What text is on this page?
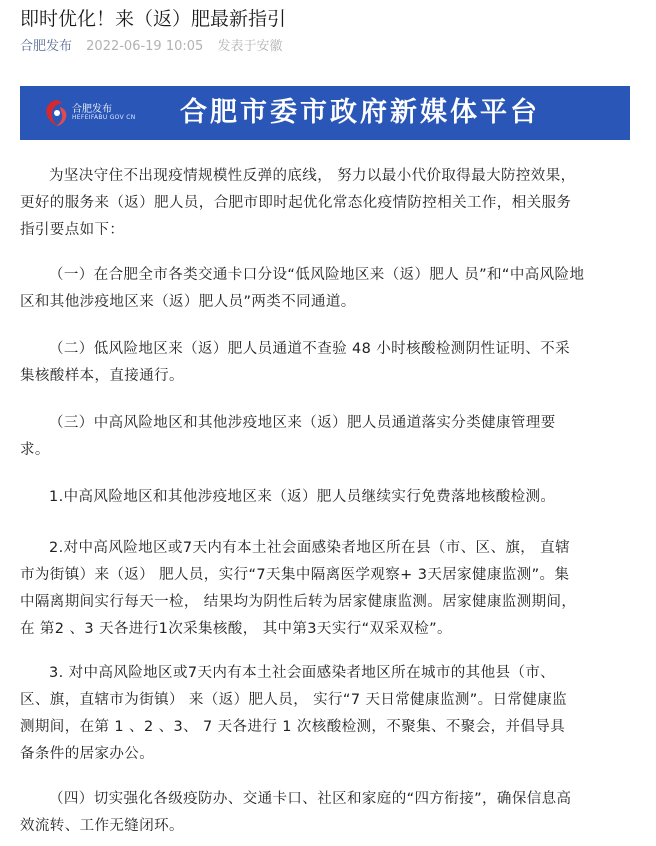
即时优化！来（返）肥最新指引
合肥发布 2022-06-19 10:05 发表于安徽
合肥发布
HEFEIFABU GOV CN 合肥市委市政府新媒体平台
为坚决守住不出现疫情规模性反弹的底线， 努力以最小代价取得最大防控效果，
更好的服务来（返）肥人员，合肥市即时起优化常态化疫情防控相关工作，相关服务
指引要点如下：
（一）在合肥全市各类交通卡口分设“低风险地区来（返）肥人 员”和“中高风险地
区和其他涉疫地区来（返）肥人员”两类不同通道。
（二）低风险地区来（返）肥人员通道不查验 48 小时核酸检测阴性证明、不采
集核酸样本，直接通行。
（三）中高风险地区和其他涉疫地区来（返）肥人员通道落实分类健康管理要
求。
1.中高风险地区和其他涉疫地区来（返）肥人员继续实行免费落地核酸检测。
2.对中高风险地区或7天内有本土社会面感染者地区所在县（市、区、旗， 直辖
市为街镇）来（返） 肥人员，实行“7天集中隔离医学观察+ 3天居家健康监测”。集
中隔离期间实行每天一检， 结果均为阴性后转为居家健康监测。居家健康监测期间，
在 第2 、3 天各进行1次采集核酸， 其中第3天实行“双采双检”。
3. 对中高风险地区或7天内有本土社会面感染者地区所在城市的其他县（市、
区、旗，直辖市为街镇） 来（返）肥人员， 实行“7 天日常健康监测”。日常健康监
测期间，在第 1 、2 、3、 7 天各进行 1 次核酸检测，不聚集、不聚会，并倡导具
备条件的居家办公。
（四）切实强化各级疫防办、交通卡口、社区和家庭的“四方衔接”，确保信息高
效流转、工作无缝闭环。
